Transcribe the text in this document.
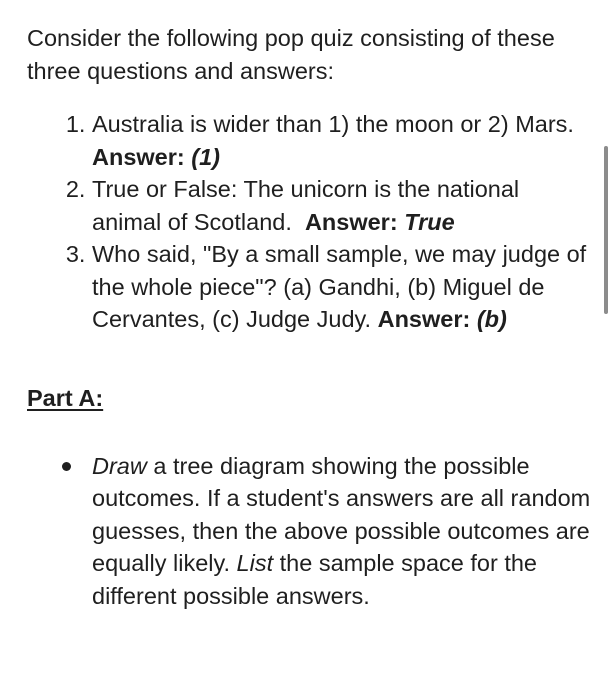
Consider the following pop quiz consisting of these three questions and answers:

1. Australia is wider than 1) the moon or 2) Mars.  Answer: (1)
2. True or False: The unicorn is the national animal of Scotland. Answer: True
3. Who said, "By a small sample, we may judge of the whole piece"? (a) Gandhi, (b) Miguel de Cervantes, (c) Judge Judy. Answer: (b)

Part A:

Draw a tree diagram showing the possible outcomes. If a student's answers are all random guesses, then the above possible outcomes are equally likely. List the sample space for the different possible answers.
